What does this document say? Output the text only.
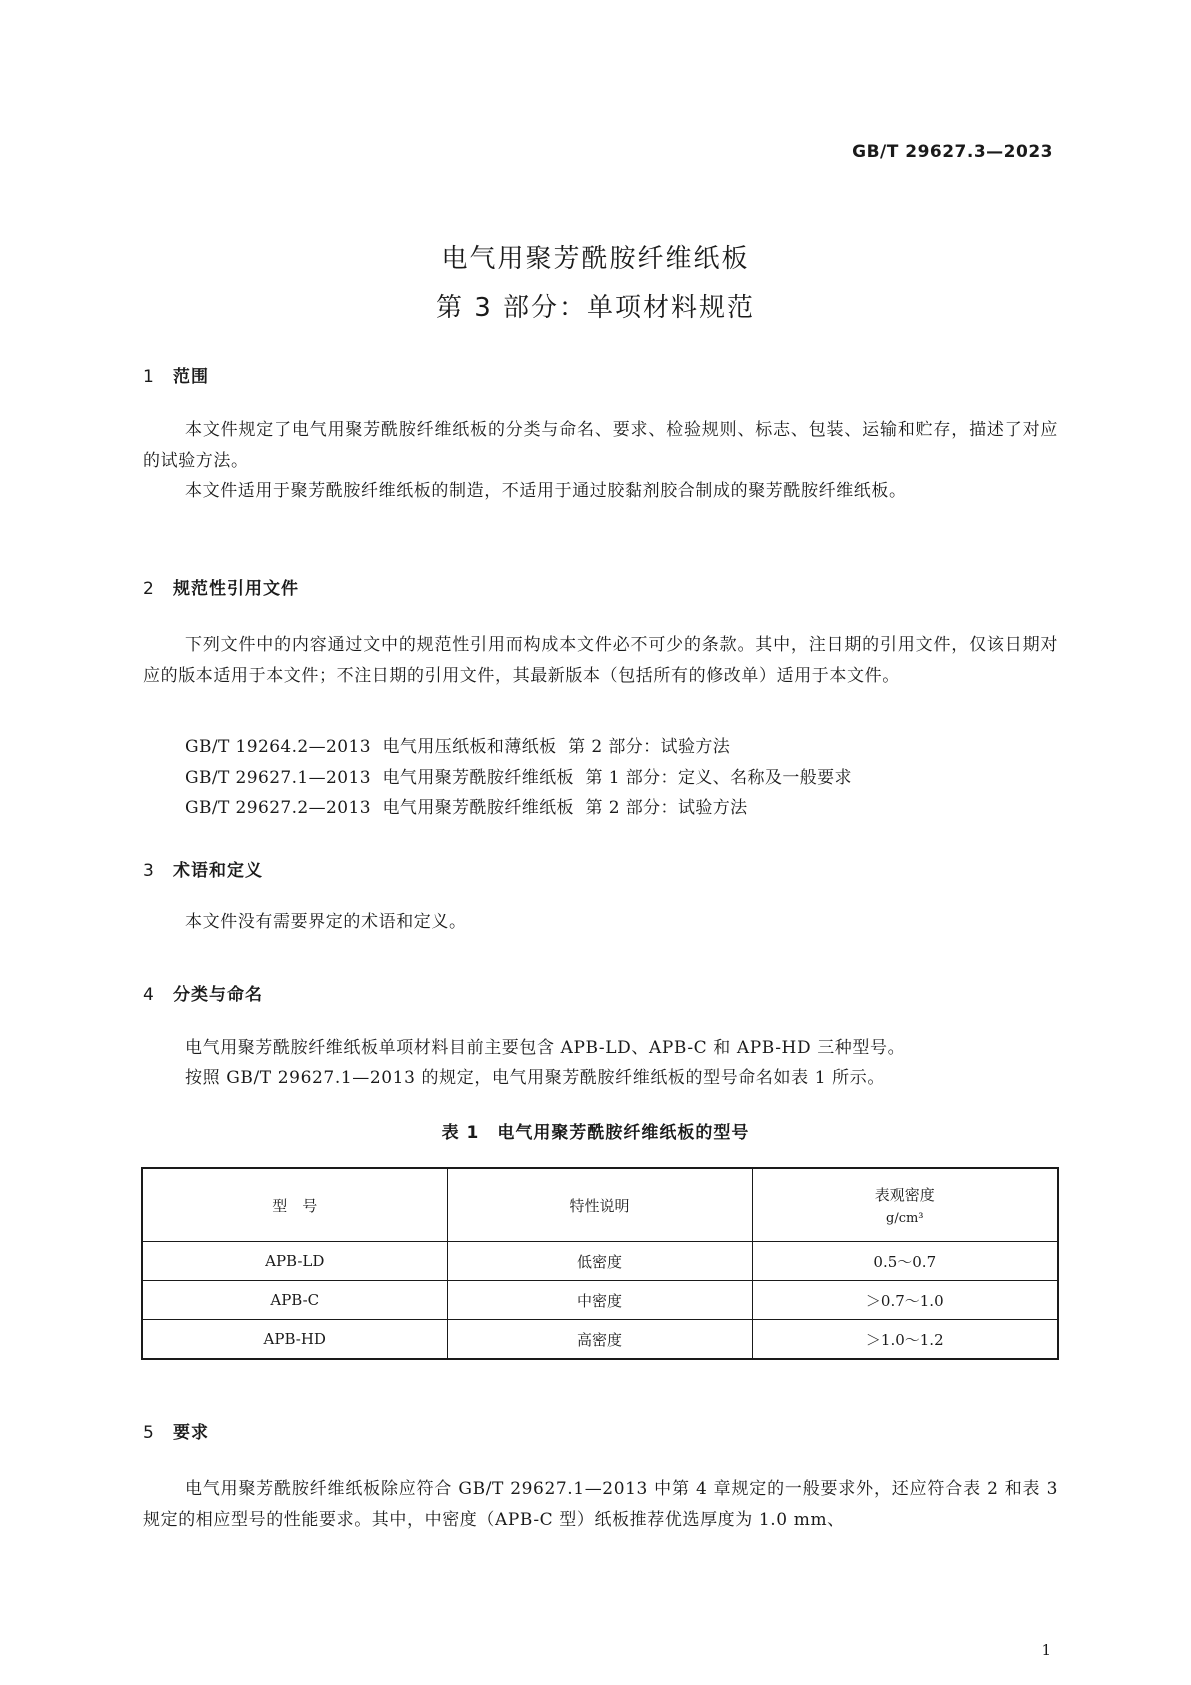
GB/T 29627.3—2023
电气用聚芳酰胺纤维纸板
第 3 部分：单项材料规范
1 范围
本文件规定了电气用聚芳酰胺纤维纸板的分类与命名、要求、检验规则、标志、包装、运输和贮存，描述了对应的试验方法。
本文件适用于聚芳酰胺纤维纸板的制造，不适用于通过胶黏剂胶合制成的聚芳酰胺纤维纸板。
2 规范性引用文件
下列文件中的内容通过文中的规范性引用而构成本文件必不可少的条款。其中，注日期的引用文件，仅该日期对应的版本适用于本文件；不注日期的引用文件，其最新版本（包括所有的修改单）适用于本文件。
GB/T 19264.2—2013  电气用压纸板和薄纸板  第 2 部分：试验方法
GB/T 29627.1—2013  电气用聚芳酰胺纤维纸板  第 1 部分：定义、名称及一般要求
GB/T 29627.2—2013  电气用聚芳酰胺纤维纸板  第 2 部分：试验方法
3 术语和定义
本文件没有需要界定的术语和定义。
4 分类与命名
电气用聚芳酰胺纤维纸板单项材料目前主要包含 APB-LD、APB-C 和 APB-HD 三种型号。
按照 GB/T 29627.1—2013 的规定，电气用聚芳酰胺纤维纸板的型号命名如表 1 所示。
表 1　电气用聚芳酰胺纤维纸板的型号
型　号	特性说明	表观密度
g/cm³

APB-LD	低密度	0.5～0.7
APB-C	中密度	＞0.7～1.0
APB-HD	高密度	＞1.0～1.2
5 要求
电气用聚芳酰胺纤维纸板除应符合 GB/T 29627.1—2013 中第 4 章规定的一般要求外，还应符合表 2 和表 3 规定的相应型号的性能要求。其中，中密度（APB-C 型）纸板推荐优选厚度为 1.0 mm、
1
